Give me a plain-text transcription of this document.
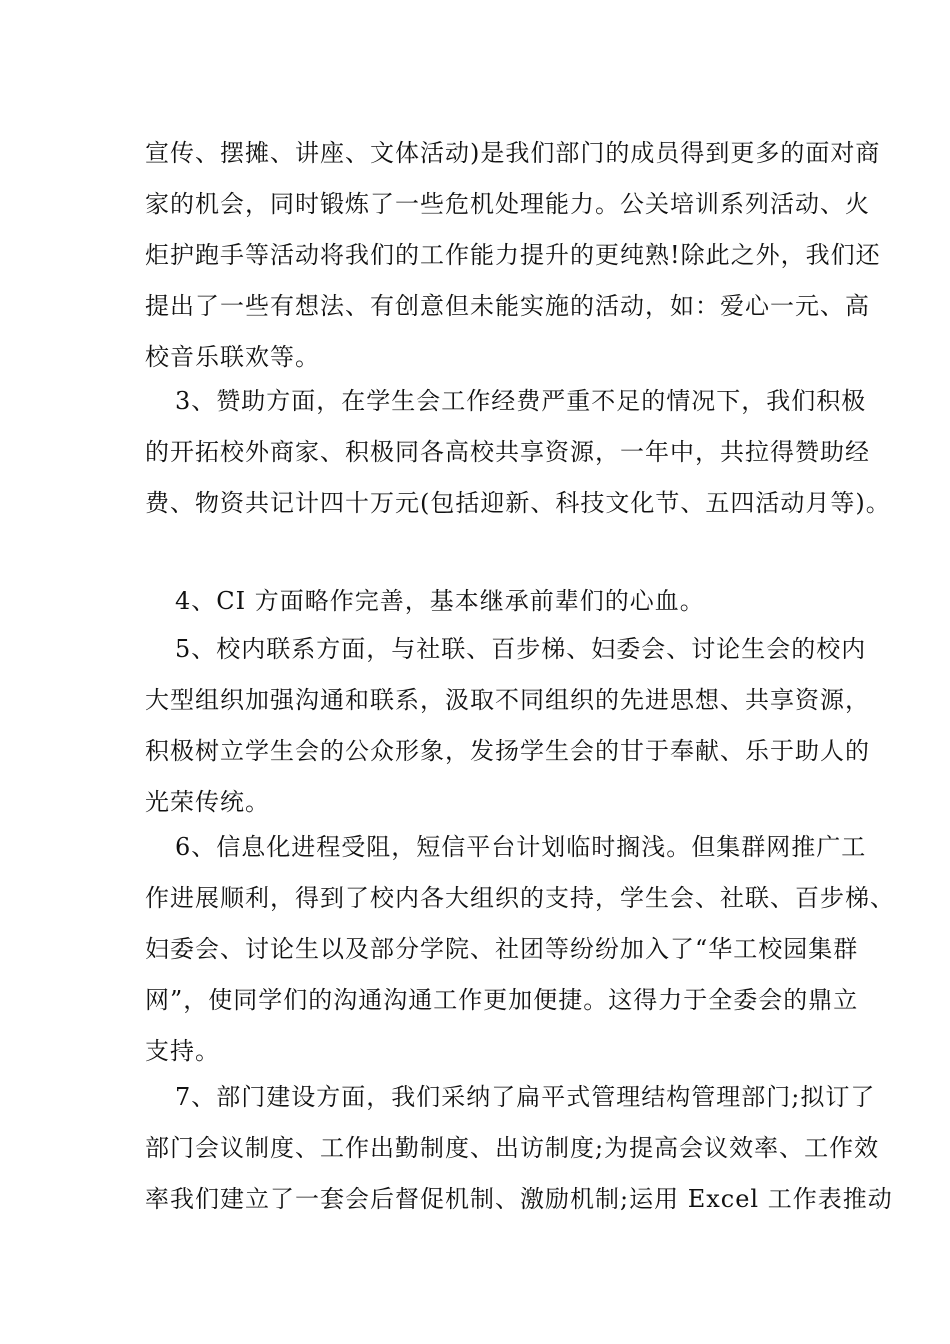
宣传、摆摊、讲座、文体活动)是我们部门的成员得到更多的面对商
家的机会，同时锻炼了一些危机处理能力。公关培训系列活动、火
炬护跑手等活动将我们的工作能力提升的更纯熟!除此之外，我们还
提出了一些有想法、有创意但未能实施的活动，如：爱心一元、高
校音乐联欢等。
3、赞助方面，在学生会工作经费严重不足的情况下，我们积极
的开拓校外商家、积极同各高校共享资源，一年中，共拉得赞助经
费、物资共记计四十万元(包括迎新、科技文化节、五四活动月等)。
4、CI 方面略作完善，基本继承前辈们的心血。
5、校内联系方面，与社联、百步梯、妇委会、讨论生会的校内
大型组织加强沟通和联系，汲取不同组织的先进思想、共享资源，
积极树立学生会的公众形象，发扬学生会的甘于奉献、乐于助人的
光荣传统。
6、信息化进程受阻，短信平台计划临时搁浅。但集群网推广工
作进展顺利，得到了校内各大组织的支持，学生会、社联、百步梯、
妇委会、讨论生以及部分学院、社团等纷纷加入了“华工校园集群
网”，使同学们的沟通沟通工作更加便捷。这得力于全委会的鼎立
支持。
7、部门建设方面，我们采纳了扁平式管理结构管理部门;拟订了
部门会议制度、工作出勤制度、出访制度;为提高会议效率、工作效
率我们建立了一套会后督促机制、激励机制;运用 Excel 工作表推动
